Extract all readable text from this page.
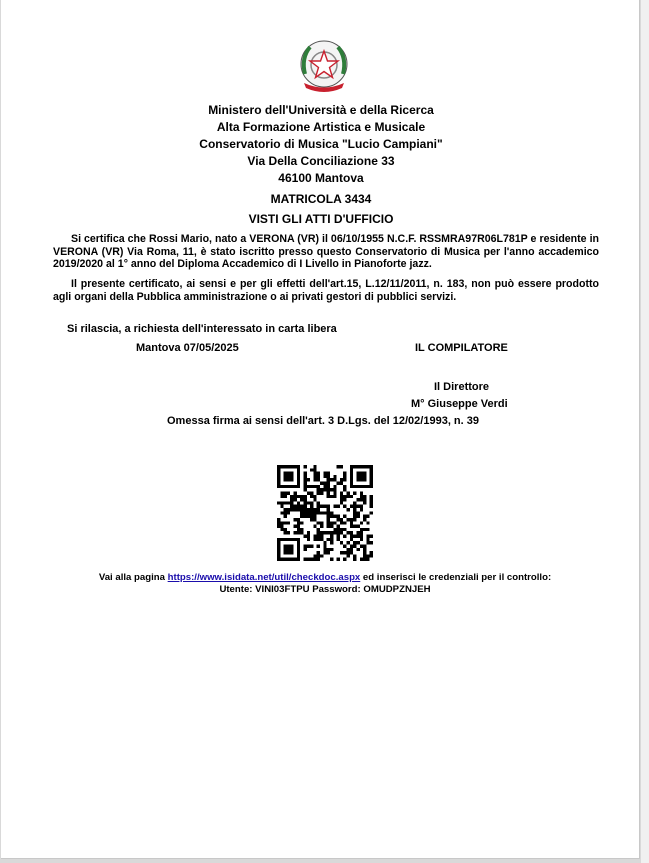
Ministero dell'Università e della Ricerca
Alta Formazione Artistica e Musicale
Conservatorio di Musica "Lucio Campiani"
Via Della Conciliazione 33
46100 Mantova
MATRICOLA 3434
VISTI GLI ATTI D'UFFICIO
Si certifica che Rossi Mario, nato a VERONA (VR) il 06/10/1955 N.C.F. RSSMRA97R06L781P e residente in VERONA (VR) Via Roma, 11, è stato iscritto presso questo Conservatorio di Musica per l'anno accademico 2019/2020 al 1° anno del Diploma Accademico di I Livello in Pianoforte jazz.
Il presente certificato, ai sensi e per gli effetti dell'art.15, L.12/11/2011, n. 183, non può essere prodotto agli organi della Pubblica amministrazione o ai privati gestori di pubblici servizi.
Si rilascia, a richiesta dell'interessato in carta libera
Mantova 07/05/2025	IL COMPILATORE
Il Direttore
M° Giuseppe Verdi
Omessa firma ai sensi dell'art. 3 D.Lgs. del 12/02/1993, n. 39
Vai alla pagina https://www.isidata.net/util/checkdoc.aspx ed inserisci le credenziali per il controllo:
Utente: VINI03FTPU Password: OMUDPZNJEH
